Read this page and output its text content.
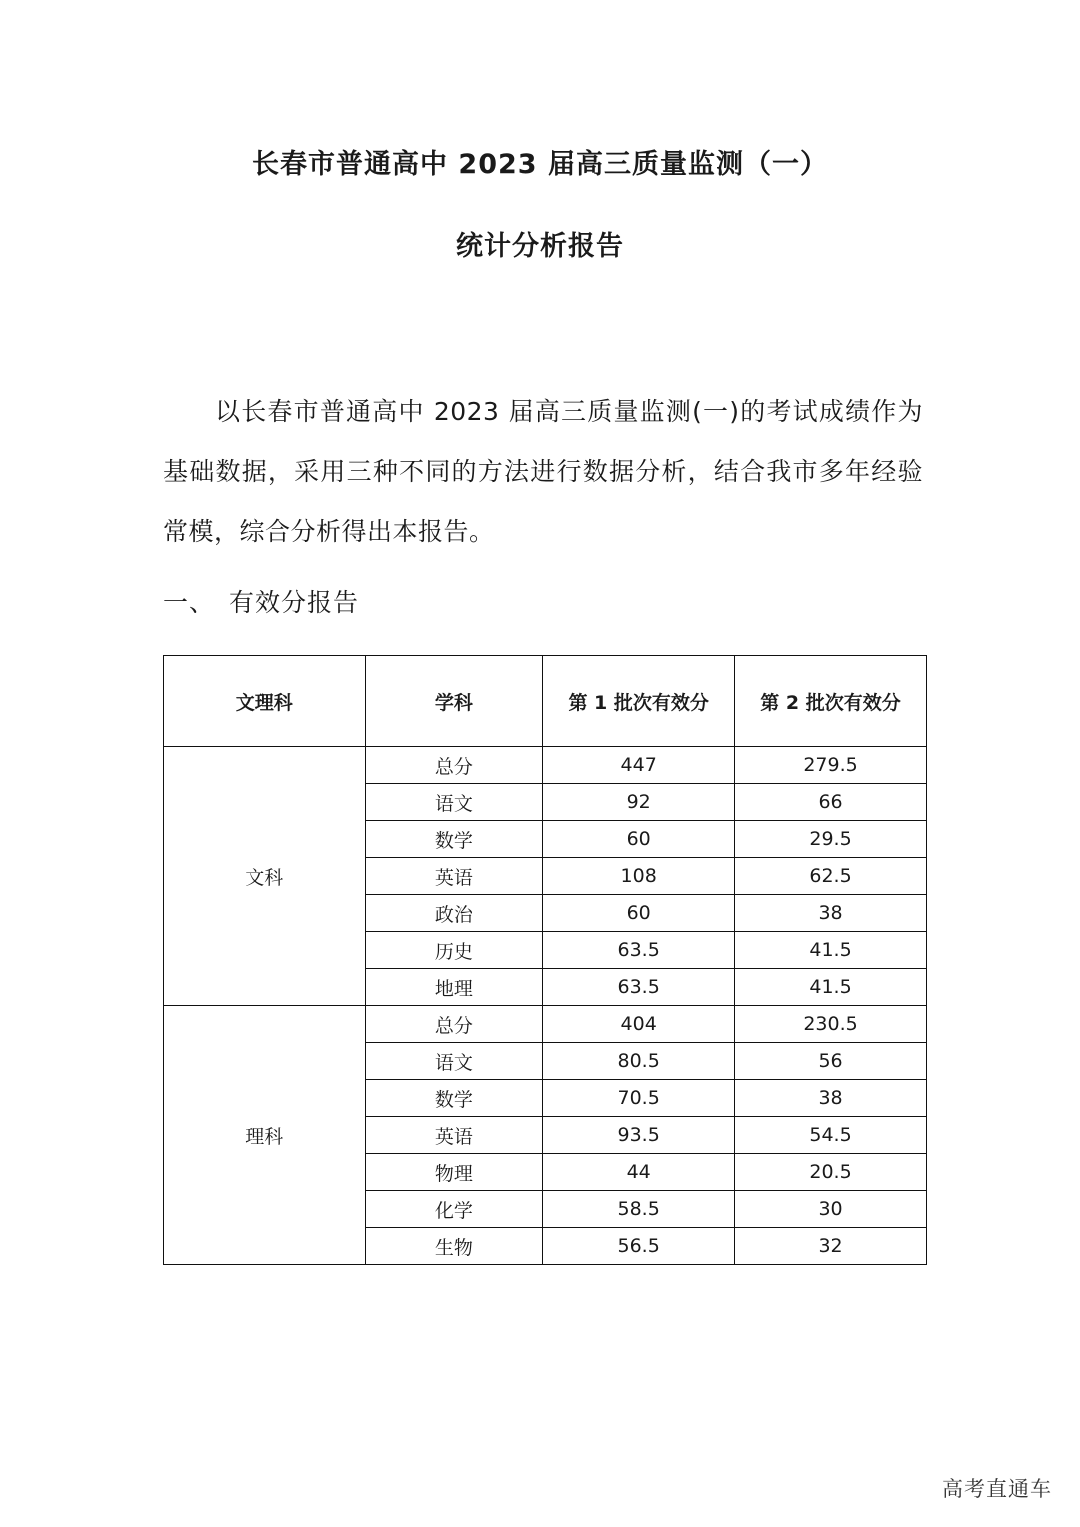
长春市普通高中 2023 届高三质量监测（一）
统计分析报告

以长春市普通高中 2023 届高三质量监测(一)的考试成绩作为基础数据，采用三种不同的方法进行数据分析，结合我市多年经验常模，综合分析得出本报告。

一、 有效分报告
文理科	学科	第 1 批次有效分	第 2 批次有效分
文科	总分	447	279.5
	语文	92	66
	数学	60	29.5
	英语	108	62.5
	政治	60	38
	历史	63.5	41.5
	地理	63.5	41.5
理科	总分	404	230.5
	语文	80.5	56
	数学	70.5	38
	英语	93.5	54.5
	物理	44	20.5
	化学	58.5	30
	生物	56.5	32
高考直通车
